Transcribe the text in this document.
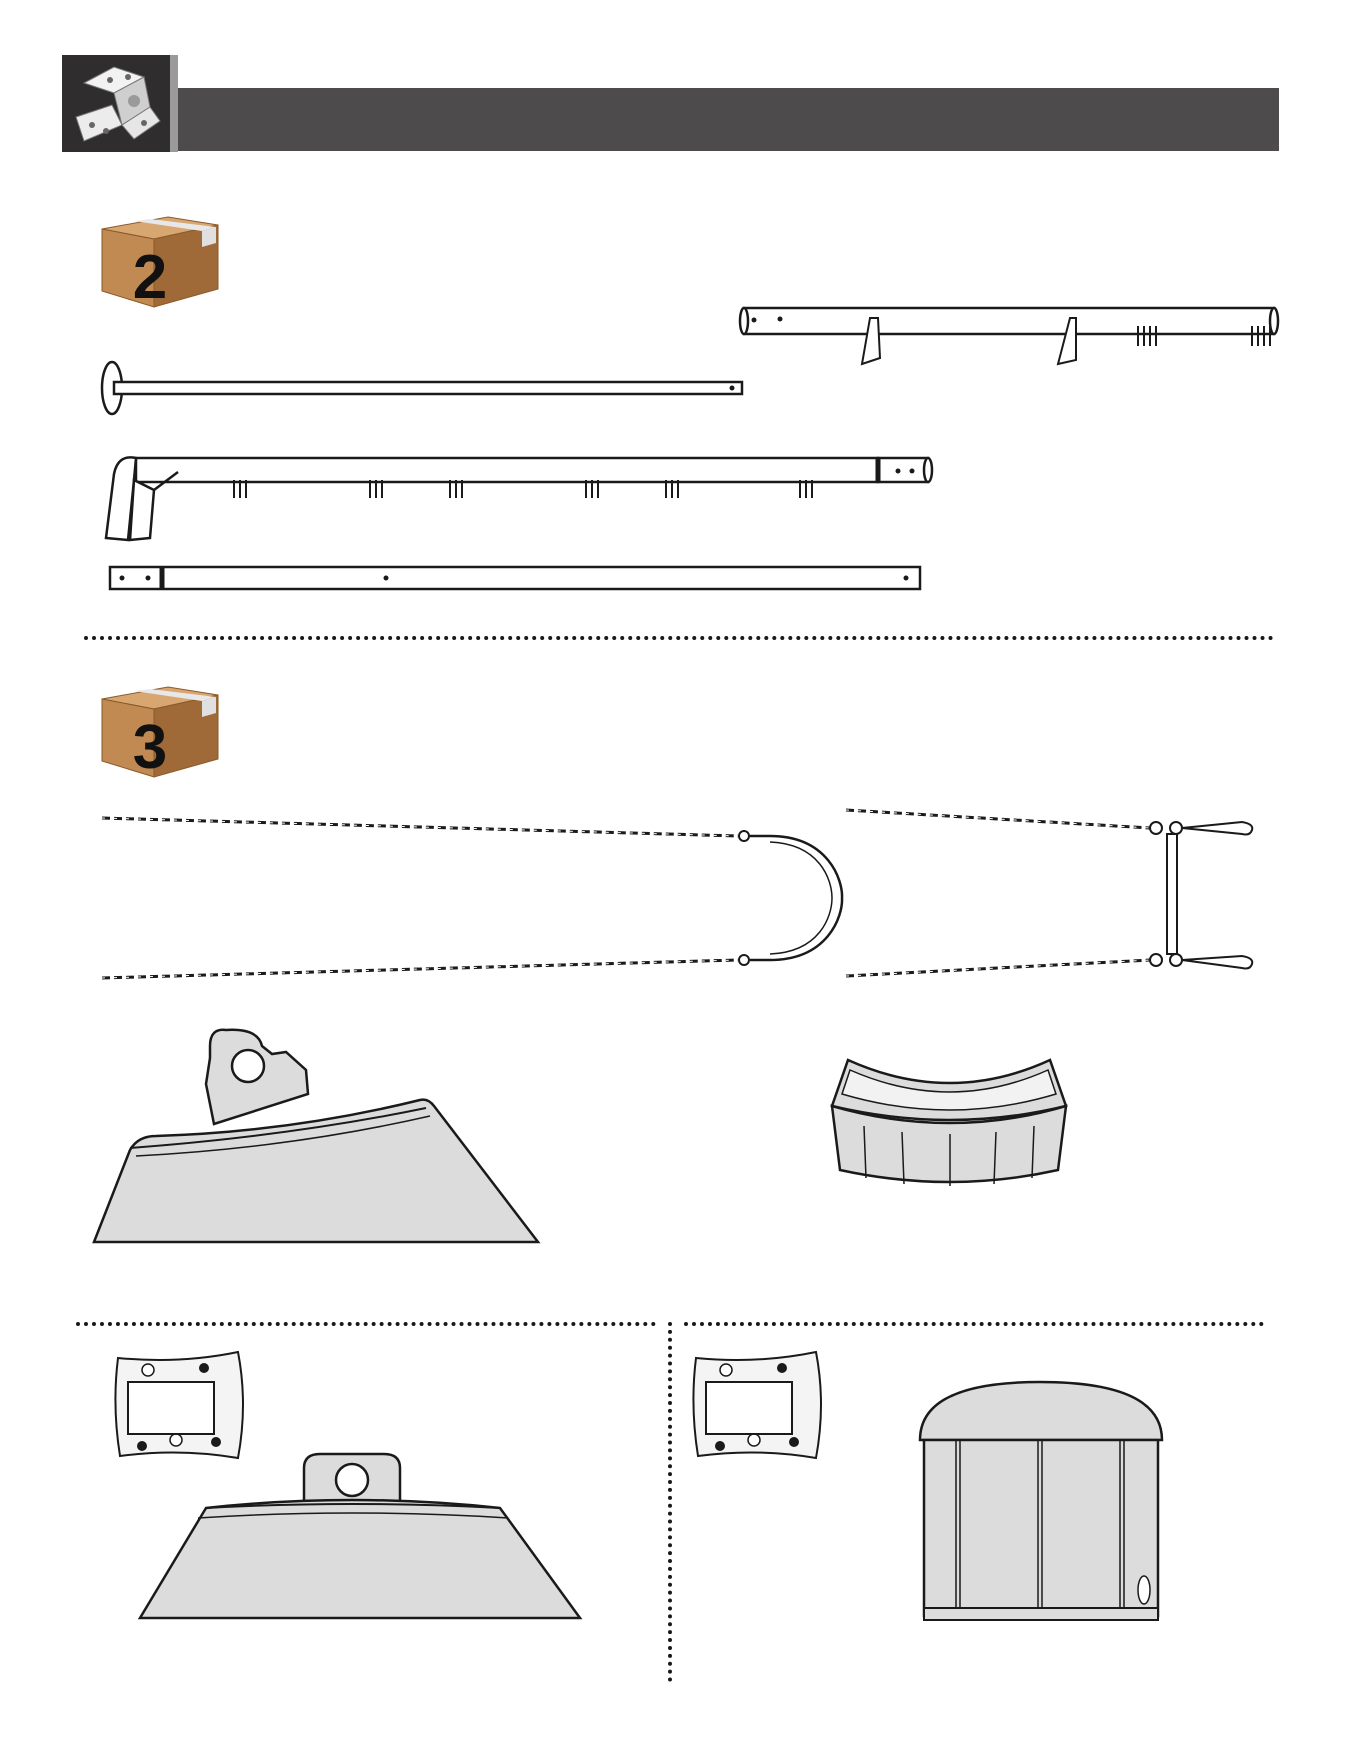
2
3
